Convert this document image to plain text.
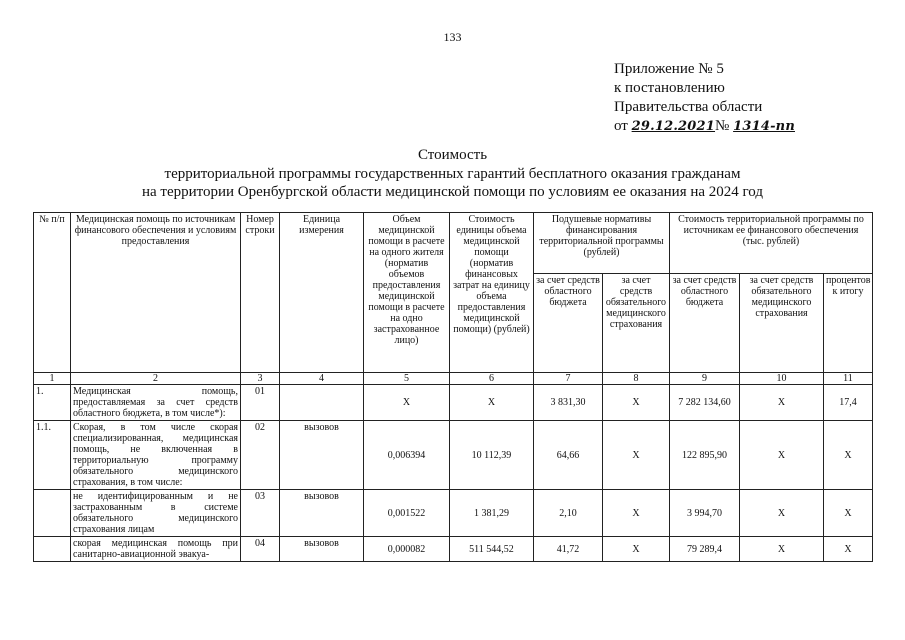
133
Приложение № 5
к постановлению
Правительства области
от 29.12.2021№ 1314-пп
Стоимость
территориальной программы государственных гарантий бесплатного оказания гражданам
на территории Оренбургской области медицинской помощи по условиям ее оказания на 2024 год
№ п/п	Медицинская помощь по источникам финансового обеспечения и условиям предоставления	Номер строки	Единица измерения	Объем медицинской помощи в расчете на одного жителя (норматив объемов предоставления медицинской помощи в расчете на одно застрахованное лицо)	Стоимость единицы объема медицинской помощи (норматив финансовых затрат на единицу объема предоставления медицинской помощи) (рублей)	Подушевые нормативы финансирования территориальной программы (рублей)		Стоимость территориальной программы по источникам ее финансового обеспечения (тыс. рублей)		
						за счет средств областного бюджета	за счет средств обязательного медицинского страхования	за счет средств областного бюджета	за счет средств обязательного медицинского страхования	процентов к итогу
1	2	3	4	5	6	7	8	9	10	11
1.	Медицинская помощь, предоставляемая за счет средств областного бюджета, в том числе*):	01		X	X	3 831,30	X	7 282 134,60	X	17,4
1.1.	Скорая, в том числе скорая специализированная, медицинская помощь, не включенная в территориальную программу обязательного медицинского страхования, в том числе:	02	вызовов	0,006394	10 112,39	64,66	X	122 895,90	X	X
	не идентифицированным и не застрахованным в системе обязательного медицинского страхования лицам	03	вызовов	0,001522	1 381,29	2,10	X	3 994,70	X	X
	скорая медицинская помощь при санитарно-авиационной эвакуа-	04	вызовов	0,000082	511 544,52	41,72	X	79 289,4	X	X
